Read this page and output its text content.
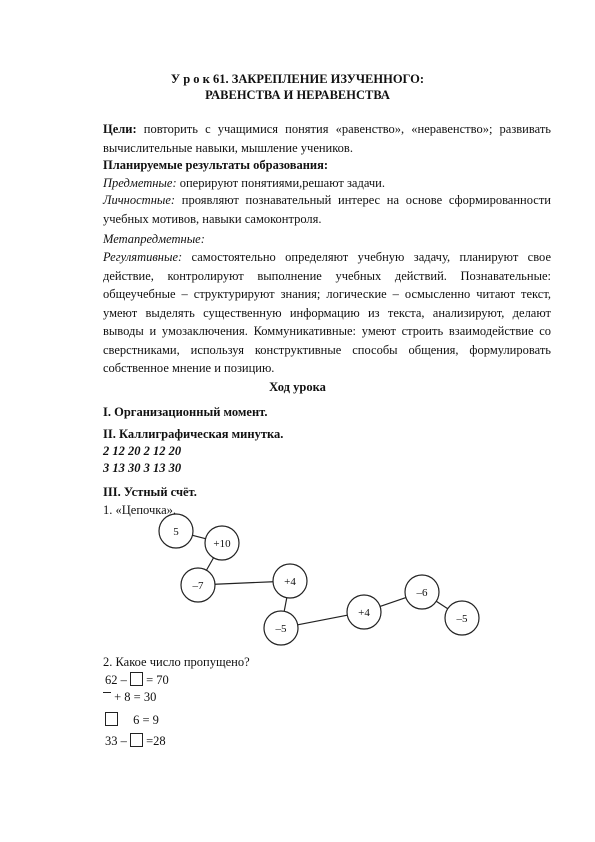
У р о к 61. ЗАКРЕПЛЕНИЕ ИЗУЧЕННОГО:
РАВЕНСТВА И НЕРАВЕНСТВА
Цели: повторить с учащимися понятия «равенство», «неравенство»; развивать вычислительные навыки, мышление учеников.
Планируемые результаты образования:
Предметные: оперируют понятиями,решают задачи.
Личностные: проявляют познавательный интерес на основе сформированности учебных мотивов, навыки самоконтроля.
Метапредметные:
Регулятивные: самостоятельно определяют учебную задачу, планируют свое действие, контролируют выполнение учебных действий. Познавательные: общеучебные – структурируют знания; логические – осмысленно читают текст, умеют выделять существенную информацию из текста, анализируют, делают выводы и умозаключения. Коммуникативные: умеют строить взаимодействие со сверстниками, используя конструктивные способы общения, формулировать собственное мнение и позицию.
Ход урока
I. Организационный момент.
II. Каллиграфическая минутка.
2 12 20 2 12 20
3 13 30 3 13 30
III. Устный счёт.
1. «Цепочка».
5
+10
–7	+4
–5
+4
–6
–5
2. Какое число пропущено?
62 – = 70
+ 8 = 30
6 = 9
33 – =28
